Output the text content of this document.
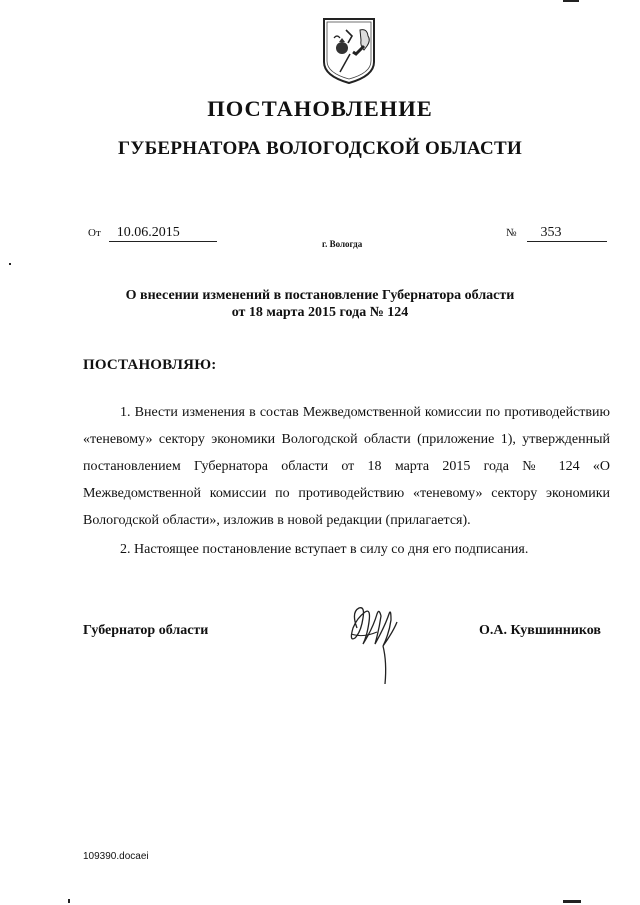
ПОСТАНОВЛЕНИЕ
ГУБЕРНАТОРА ВОЛОГОДСКОЙ ОБЛАСТИ
От 10.06.2015	№ 353
г. Вологда
О внесении изменений в постановление Губернатора области
от 18 марта 2015 года № 124
ПОСТАНОВЛЯЮ:
1. Внести изменения в состав Межведомственной комиссии по противодействию «теневому» сектору экономики Вологодской области (приложение 1), утвержденный постановлением Губернатора области от 18 марта 2015 года № 124 «О Межведомственной комиссии по противодействию «теневому» сектору экономики Вологодской области», изложив в новой редакции (прилагается).
2. Настоящее постановление вступает в силу со дня его подписания.
Губернатор области	О.А. Кувшинников
109390.docaei
